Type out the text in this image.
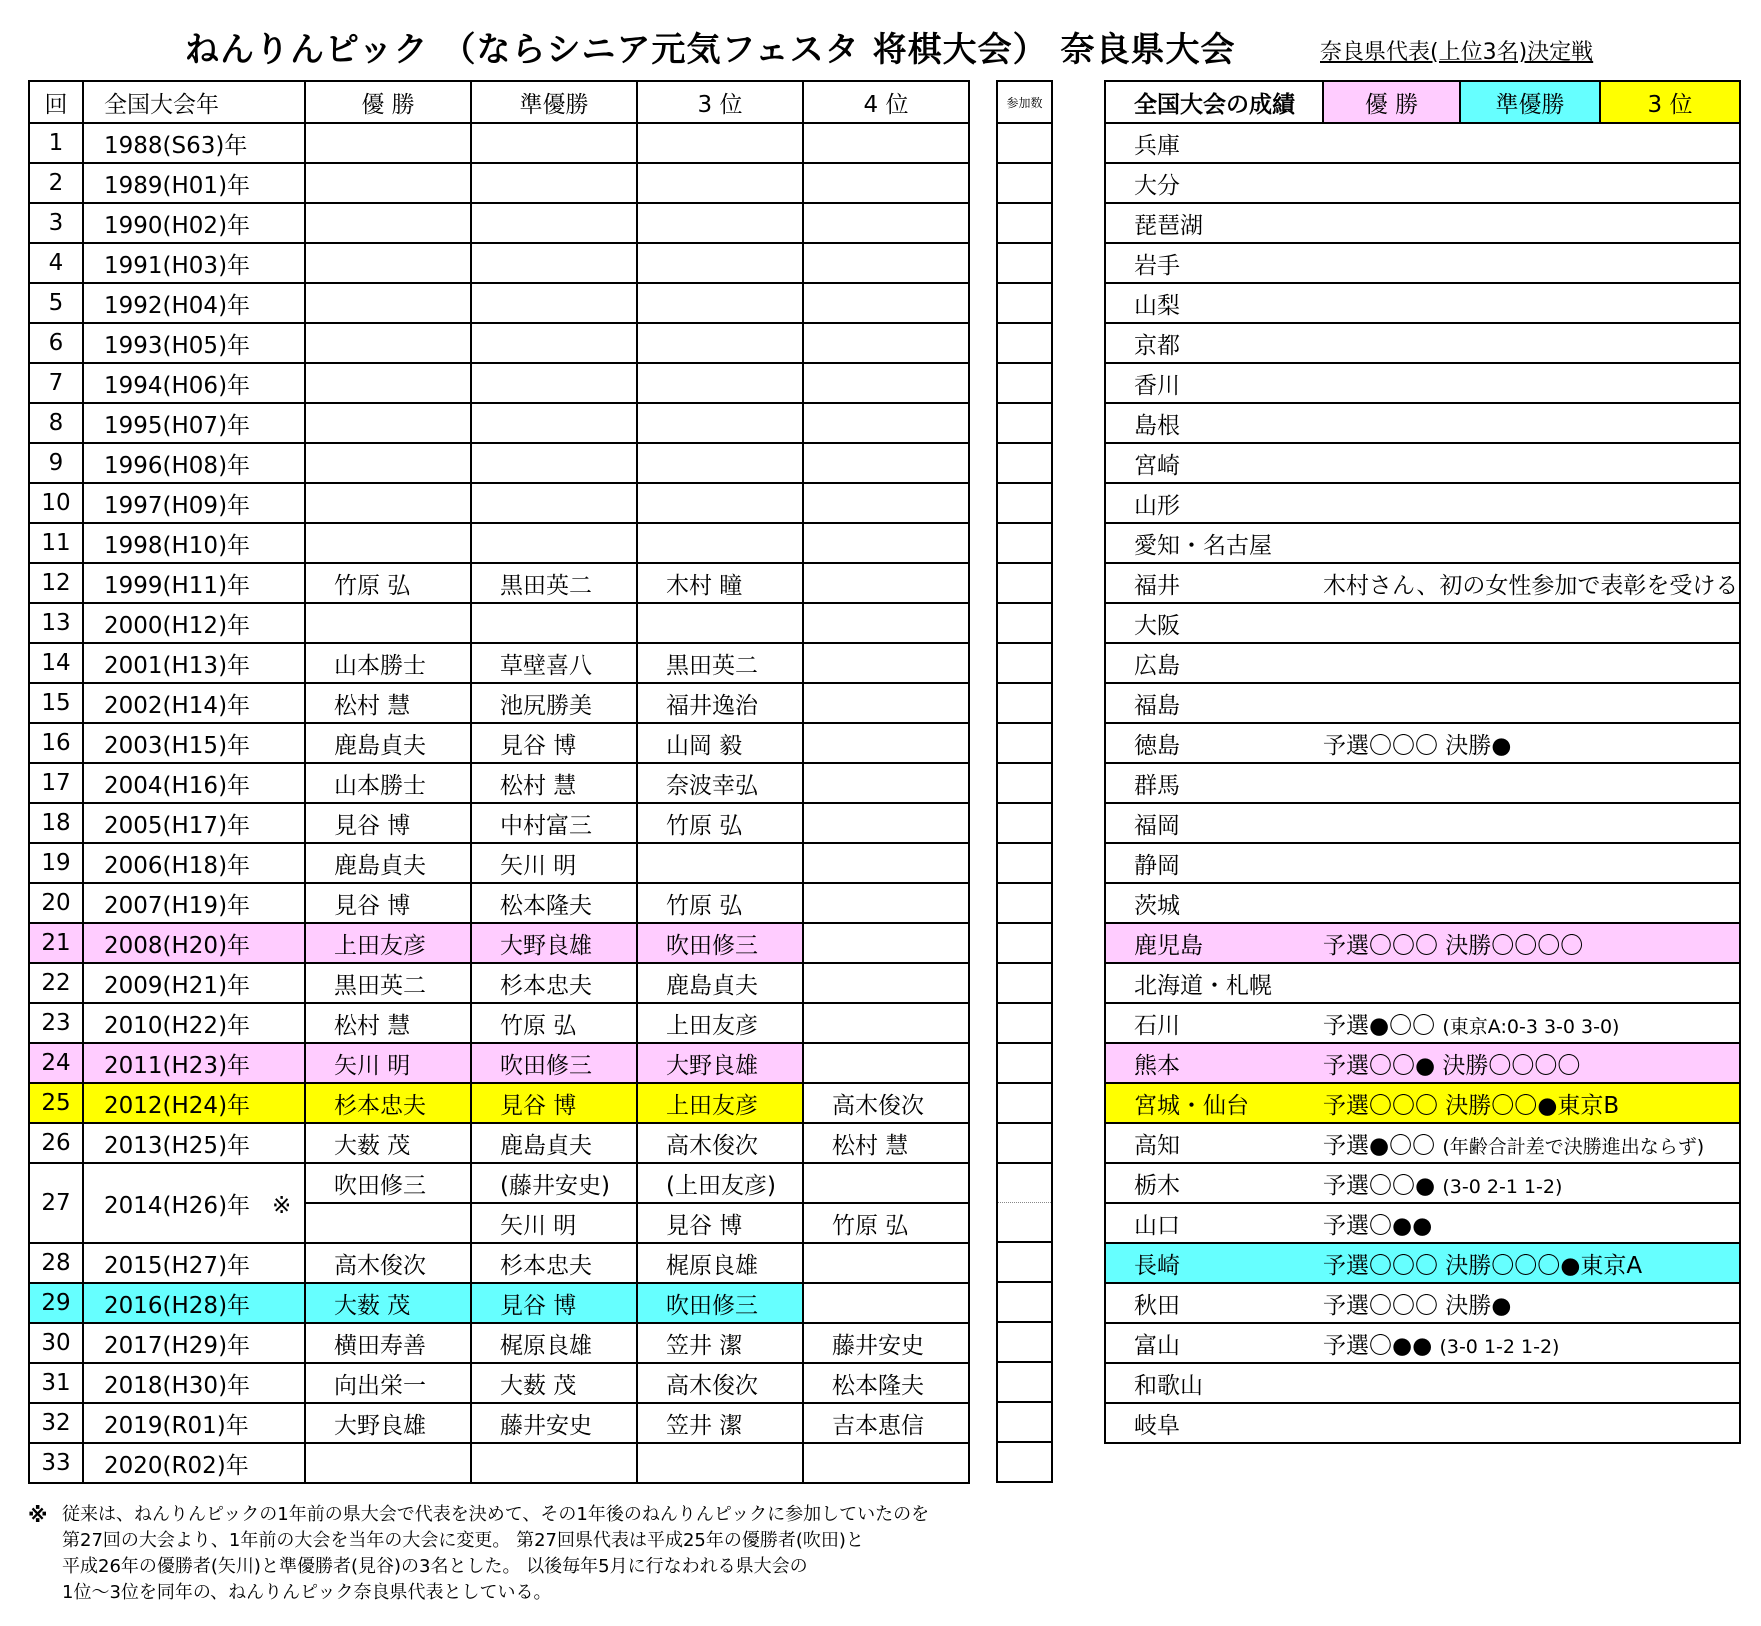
ねんりんピック （ならシニア元気フェスタ 将棋大会） 奈良県大会	奈良県代表(上位3名)決定戦
回	全国大会年	優 勝	準優勝	3 位	4 位
1	1988(S63)年				
2	1989(H01)年				
3	1990(H02)年				
4	1991(H03)年				
5	1992(H04)年				
6	1993(H05)年				
7	1994(H06)年				
8	1995(H07)年				
9	1996(H08)年				
10	1997(H09)年				
11	1998(H10)年				
12	1999(H11)年	竹原 弘	黒田英二	木村 瞳	
13	2000(H12)年				
14	2001(H13)年	山本勝士	草壁喜八	黒田英二	
15	2002(H14)年	松村 慧	池尻勝美	福井逸治	
16	2003(H15)年	鹿島貞夫	見谷 博	山岡 毅	
17	2004(H16)年	山本勝士	松村 慧	奈波幸弘	
18	2005(H17)年	見谷 博	中村富三	竹原 弘	
19	2006(H18)年	鹿島貞夫	矢川 明		
20	2007(H19)年	見谷 博	松本隆夫	竹原 弘	
21	2008(H20)年	上田友彦	大野良雄	吹田修三	
22	2009(H21)年	黒田英二	杉本忠夫	鹿島貞夫	
23	2010(H22)年	松村 慧	竹原 弘	上田友彦	
24	2011(H23)年	矢川 明	吹田修三	大野良雄	
25	2012(H24)年	杉本忠夫	見谷 博	上田友彦	高木俊次
26	2013(H25)年	大薮 茂	鹿島貞夫	高木俊次	松村 慧
27	2014(H26)年 ※	吹田修三	(藤井安史)	(上田友彦)	
			矢川 明	見谷 博	竹原 弘
28	2015(H27)年	高木俊次	杉本忠夫	梶原良雄	
29	2016(H28)年	大薮 茂	見谷 博	吹田修三	
30	2017(H29)年	横田寿善	梶原良雄	笠井 潔	藤井安史
31	2018(H30)年	向出栄一	大薮 茂	高木俊次	松本隆夫
32	2019(R01)年	大野良雄	藤井安史	笠井 潔	吉本恵信
33	2020(R02)年				
参加数	全国大会の成績	優 勝	準優勝	3 位
兵庫			
大分			
琵琶湖			
岩手			
山梨			
京都			
香川			
島根			
宮崎			
山形			
愛知・名古屋			
福井	木村さん、初の女性参加で表彰を受ける		
大阪			
広島			
福島			
徳島	予選〇〇〇 決勝●		
群馬			
福岡			
静岡			
茨城			
鹿児島	予選〇〇〇 決勝〇〇〇〇		
北海道・札幌			
石川	予選●〇〇 (東京A:0-3 3-0 3-0)		
熊本	予選〇〇● 決勝〇〇〇〇		
宮城・仙台	予選〇〇〇 決勝〇〇●東京B		
高知	予選●〇〇 (年齢合計差で決勝進出ならず)		
栃木	予選〇〇● (3-0 2-1 1-2)		

山口	予選〇●●		
長崎	予選〇〇〇 決勝〇〇〇●東京A		
秋田	予選〇〇〇 決勝●		
富山	予選〇●● (3-0 1-2 1-2)		
和歌山			
岐阜			
※ 従来は、ねんりんピックの1年前の県大会で代表を決めて、その1年後のねんりんピックに参加していたのを
第27回の大会より、1年前の大会を当年の大会に変更。 第27回県代表は平成25年の優勝者(吹田)と
平成26年の優勝者(矢川)と準優勝者(見谷)の3名とした。 以後毎年5月に行なわれる県大会の
1位～3位を同年の、ねんりんピック奈良県代表としている。
